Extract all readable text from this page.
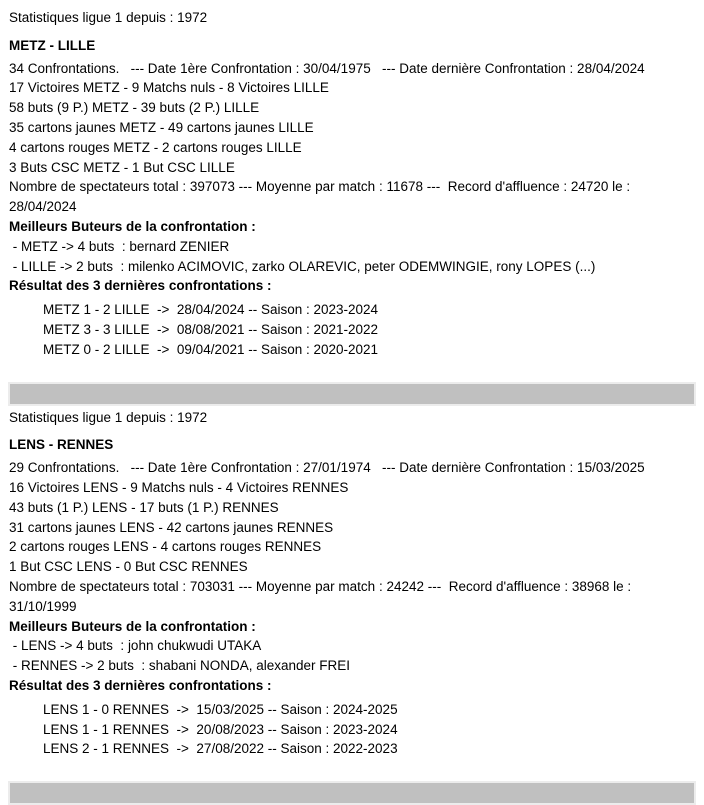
Statistiques ligue 1 depuis : 1972
METZ - LILLE
34 Confrontations.   --- Date 1ère Confrontation : 30/04/1975   --- Date dernière Confrontation : 28/04/2024
17 Victoires METZ - 9 Matchs nuls - 8 Victoires LILLE
58 buts (9 P.) METZ - 39 buts (2 P.) LILLE
35 cartons jaunes METZ - 49 cartons jaunes LILLE
4 cartons rouges METZ - 2 cartons rouges LILLE
3 Buts CSC METZ - 1 But CSC LILLE
Nombre de spectateurs total : 397073 --- Moyenne par match : 11678 ---  Record d'affluence : 24720 le : 28/04/2024
Meilleurs Buteurs de la confrontation :
- METZ -> 4 buts  : bernard ZENIER
- LILLE -> 2 buts  : milenko ACIMOVIC, zarko OLAREVIC, peter ODEMWINGIE, rony LOPES (...)
Résultat des 3 dernières confrontations :
METZ 1 - 2 LILLE  ->  28/04/2024 -- Saison : 2023-2024
METZ 3 - 3 LILLE  ->  08/08/2021 -- Saison : 2021-2022
METZ 0 - 2 LILLE  ->  09/04/2021 -- Saison : 2020-2021
Statistiques ligue 1 depuis : 1972
LENS - RENNES
29 Confrontations.   --- Date 1ère Confrontation : 27/01/1974   --- Date dernière Confrontation : 15/03/2025
16 Victoires LENS - 9 Matchs nuls - 4 Victoires RENNES
43 buts (1 P.) LENS - 17 buts (1 P.) RENNES
31 cartons jaunes LENS - 42 cartons jaunes RENNES
2 cartons rouges LENS - 4 cartons rouges RENNES
1 But CSC LENS - 0 But CSC RENNES
Nombre de spectateurs total : 703031 --- Moyenne par match : 24242 ---  Record d'affluence : 38968 le : 31/10/1999
Meilleurs Buteurs de la confrontation :
- LENS -> 4 buts  : john chukwudi UTAKA
- RENNES -> 2 buts  : shabani NONDA, alexander FREI
Résultat des 3 dernières confrontations :
LENS 1 - 0 RENNES  ->  15/03/2025 -- Saison : 2024-2025
LENS 1 - 1 RENNES  ->  20/08/2023 -- Saison : 2023-2024
LENS 2 - 1 RENNES  ->  27/08/2022 -- Saison : 2022-2023
